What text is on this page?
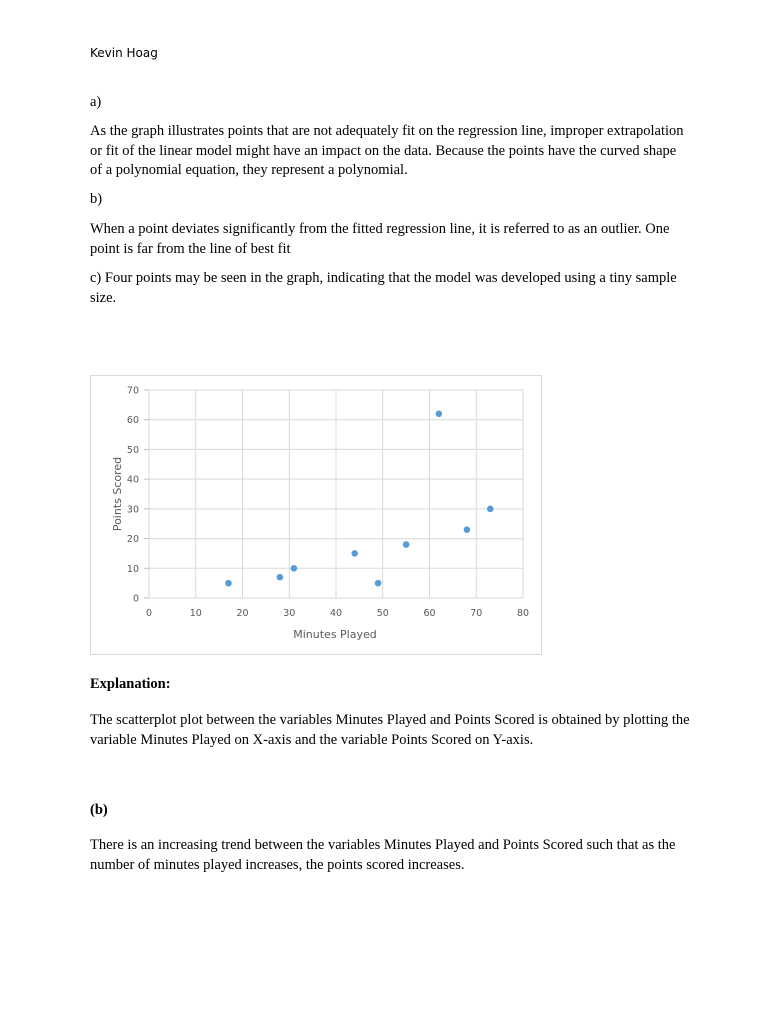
Kevin Hoag

a)

As the graph illustrates points that are not adequately fit on the regression line, improper extrapolation or fit of the linear model might have an impact on the data. Because the points have the curved shape of a polynomial equation, they represent a polynomial.

b)

When a point deviates significantly from the fitted regression line, it is referred to as an outlier. One point is far from the line of best fit

c) Four points may be seen in the graph, indicating that the model was developed using a tiny sample size.

0	10	20	30	40	50	60	70	80
0
10
20
30
40
50
60
70
Minutes Played
Points Scored

Explanation:

The scatterplot plot between the variables Minutes Played and Points Scored is obtained by plotting the variable Minutes Played on X-axis and the variable Points Scored on Y-axis.

(b)

There is an increasing trend between the variables Minutes Played and Points Scored such that as the number of minutes played increases, the points scored increases.
